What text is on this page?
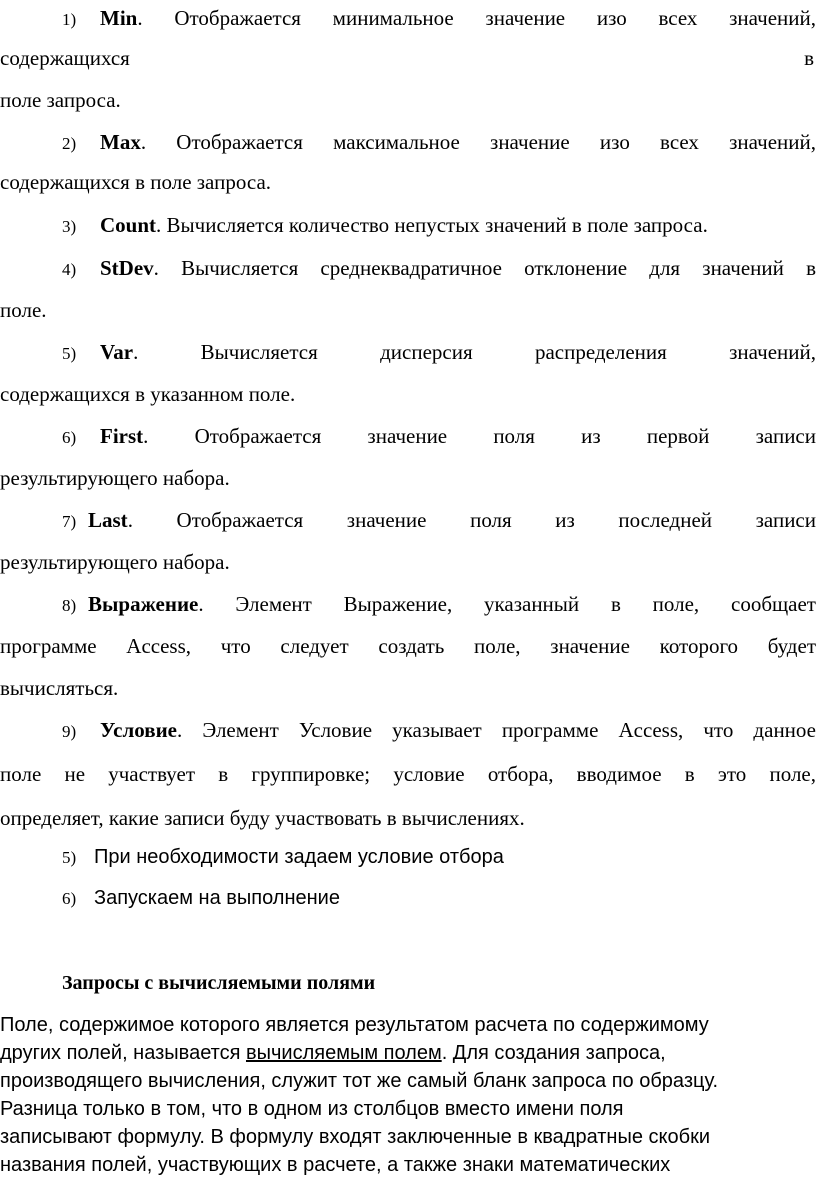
1) Min. Отображается минимальное значение изо всех значений,
содержащихся	в
поле запроса.
2) Max. Отображается максимальное значение изо всех значений,
содержащихся в поле запроса.
3) Count. Вычисляется количество непустых значений в поле запроса.
4) StDev. Вычисляется среднеквадратичное отклонение для значений в
поле.
5) Var. Вычисляется дисперсия распределения значений,
содержащихся в указанном поле.
6) First. Отображается значение поля из первой записи
результирующего набора.
7) Last. Отображается значение поля из последней записи
результирующего набора.
8) Выражение. Элемент Выражение, указанный в поле, сообщает
программе Access, что следует создать поле, значение которого будет
вычисляться.
9) Условие. Элемент Условие указывает программе Access, что данное
поле не участвует в группировке; условие отбора, вводимое в это поле,
определяет, какие записи буду участвовать в вычислениях.
5) При необходимости задаем условие отбора
6) Запускаем на выполнение
Запросы с вычисляемыми полями
Поле, содержимое которого является результатом расчета по содержимому
других полей, называется вычисляемым полем. Для создания запроса,
производящего вычисления, служит тот же самый бланк запроса по образцу.
Разница только в том, что в одном из столбцов вместо имени поля
записывают формулу. В формулу входят заключенные в квадратные скобки
названия полей, участвующих в расчете, а также знаки математических
